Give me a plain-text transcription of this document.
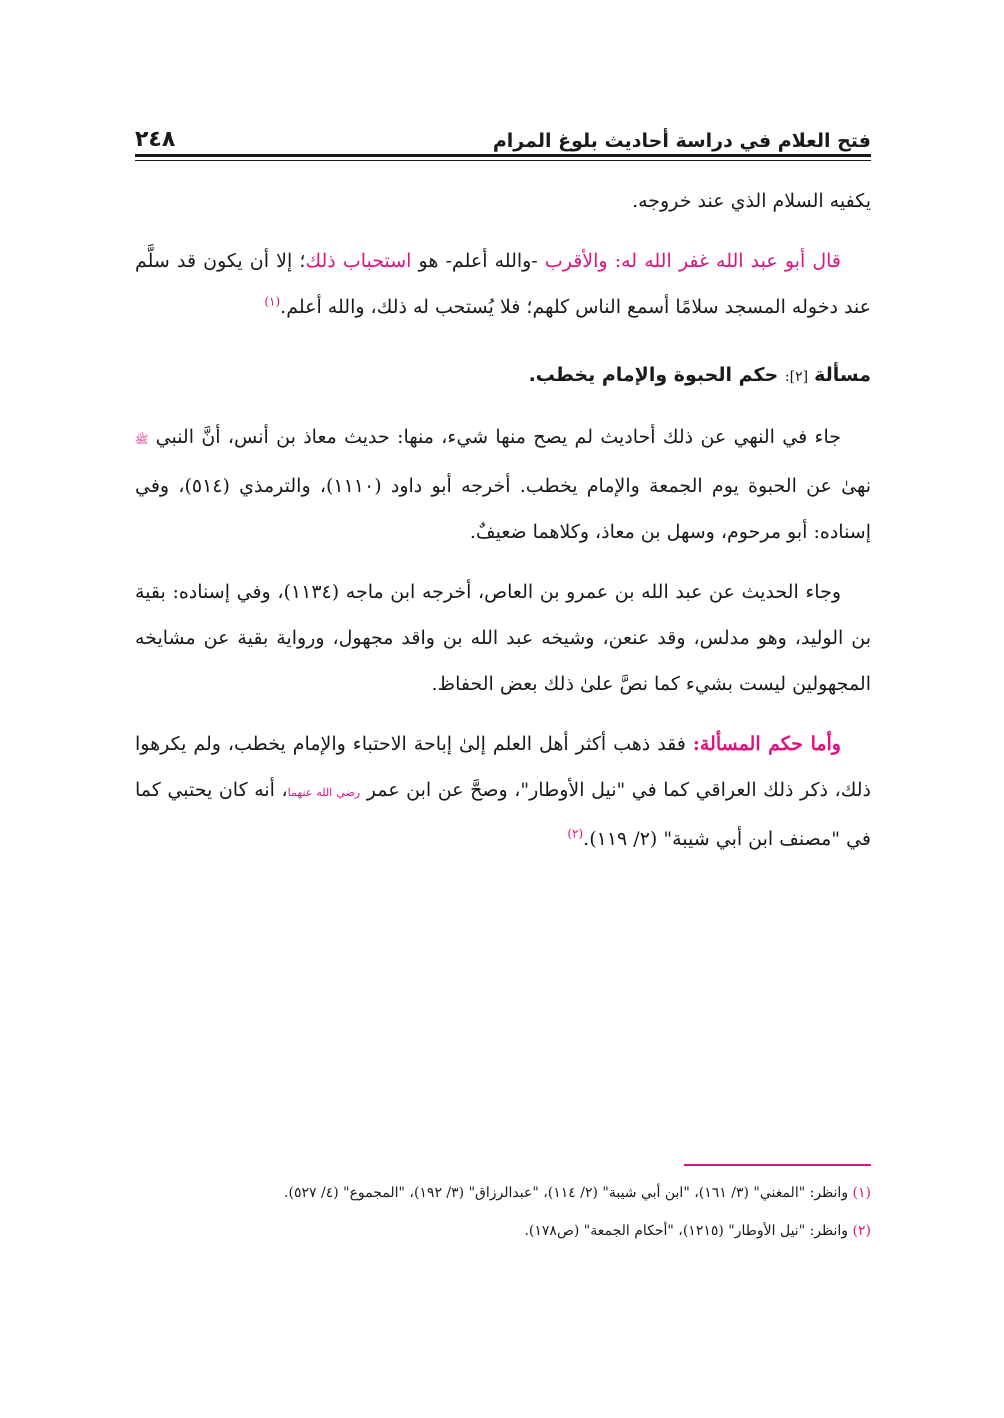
٢٤٨	فتح العلام في دراسة أحاديث بلوغ المرام

يكفيه السلام الذي عند خروجه.

قال أبو عبد الله غفر الله له: والأقرب -والله أعلم- هو استحباب ذلك؛ إلا أن يكون قد سلَّم عند دخوله المسجد سلامًا أسمع الناس كلهم؛ فلا يُستحب له ذلك، والله أعلم.$^{(١)}$

مسألة [٢]: حكم الحبوة والإمام يخطب.

جاء في النهي عن ذلك أحاديث لم يصح منها شيء، منها: حديث معاذ بن أنس، أنَّ النبي ﷺ نهىٰ عن الحبوة يوم الجمعة والإمام يخطب. أخرجه أبو داود (١١١٠)، والترمذي (٥١٤)، وفي إسناده: أبو مرحوم، وسهل بن معاذ، وكلاهما ضعيفٌ.

وجاء الحديث عن عبد الله بن عمرو بن العاص، أخرجه ابن ماجه (١١٣٤)، وفي إسناده: بقية بن الوليد، وهو مدلس، وقد عنعن، وشيخه عبد الله بن واقد مجهول، ورواية بقية عن مشايخه المجهولين ليست بشيء كما نصَّ علىٰ ذلك بعض الحفاظ.

وأما حكم المسألة: فقد ذهب أكثر أهل العلم إلىٰ إباحة الاحتباء والإمام يخطب، ولم يكرهوا ذلك، ذكر ذلك العراقي كما في "نيل الأوطار"، وصحَّ عن ابن عمر رضي الله عنهما، أنه كان يحتبي كما في "مصنف ابن أبي شيبة" (٢/ ١١٩).$^{(٢)}$

(١) وانظر: "المغني" (٣/ ١٦١)، "ابن أبي شيبة" (٢/ ١١٤)، "عبدالرزاق" (٣/ ١٩٢)، "المجموع" (٤/ ٥٢٧).

(٢) وانظر: "نيل الأوطار" (١٢١٥)، "أحكام الجمعة" (ص١٧٨).
